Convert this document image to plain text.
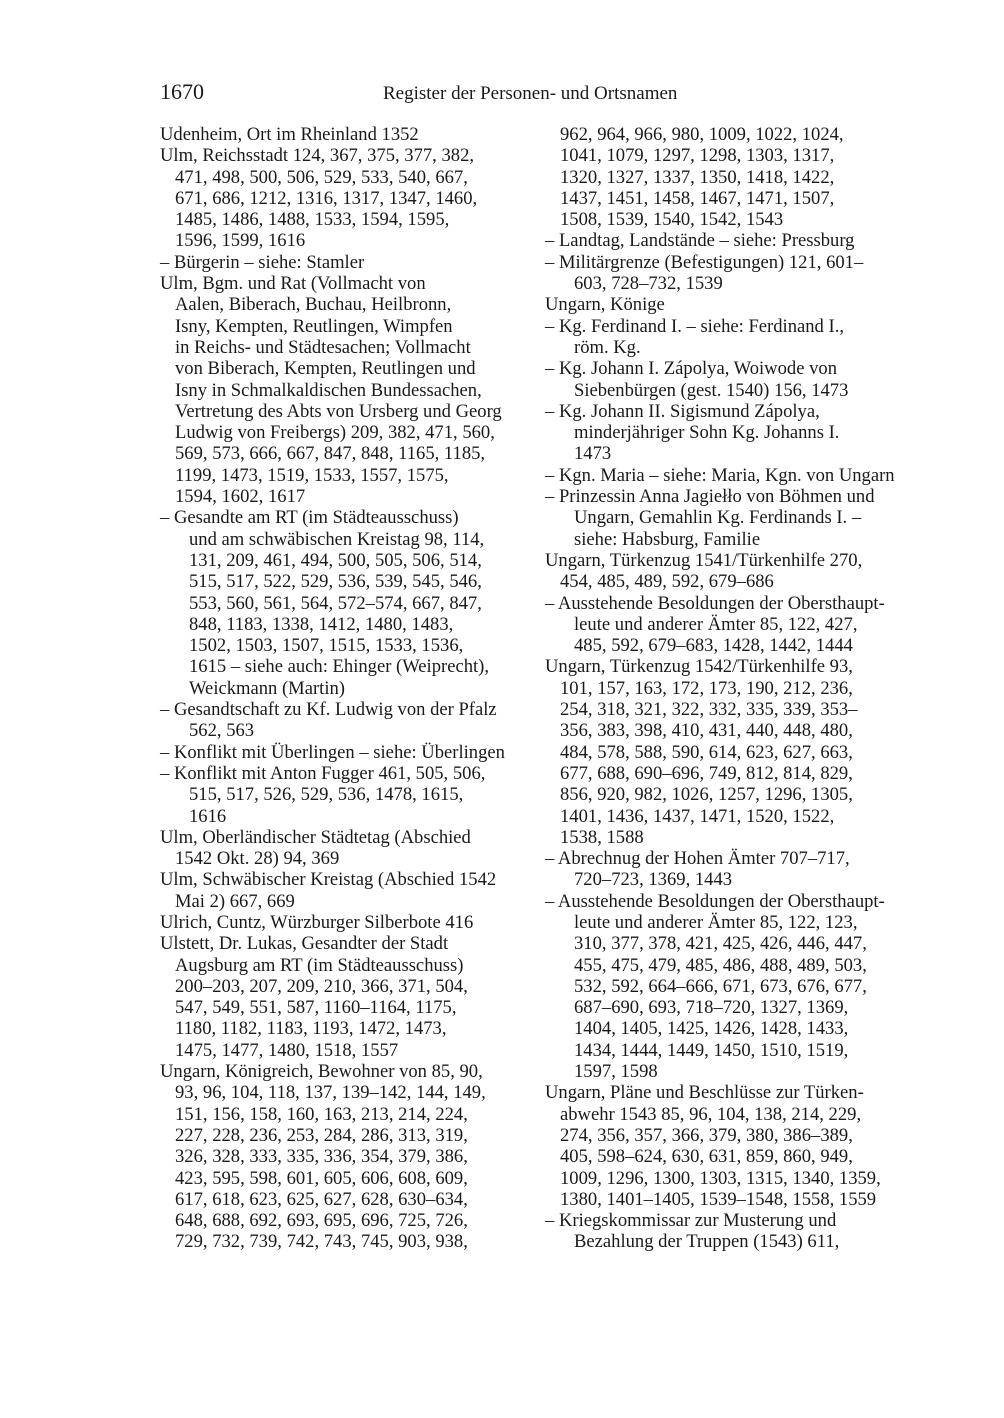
1670	Register der Personen- und Ortsnamen
Udenheim, Ort im Rheinland 1352
Ulm, Reichsstadt 124, 367, 375, 377, 382,
471, 498, 500, 506, 529, 533, 540, 667,
671, 686, 1212, 1316, 1317, 1347, 1460,
1485, 1486, 1488, 1533, 1594, 1595,
1596, 1599, 1616
– Bürgerin – siehe: Stamler
Ulm, Bgm. und Rat (Vollmacht von
Aalen, Biberach, Buchau, Heilbronn,
Isny, Kempten, Reutlingen, Wimpfen
in Reichs- und Städtesachen; Vollmacht
von Biberach, Kempten, Reutlingen und
Isny in Schmalkaldischen Bundessachen,
Vertretung des Abts von Ursberg und Georg
Ludwig von Freibergs) 209, 382, 471, 560,
569, 573, 666, 667, 847, 848, 1165, 1185,
1199, 1473, 1519, 1533, 1557, 1575,
1594, 1602, 1617
– Gesandte am RT (im Städteausschuss)
und am schwäbischen Kreistag 98, 114,
131, 209, 461, 494, 500, 505, 506, 514,
515, 517, 522, 529, 536, 539, 545, 546,
553, 560, 561, 564, 572–574, 667, 847,
848, 1183, 1338, 1412, 1480, 1483,
1502, 1503, 1507, 1515, 1533, 1536,
1615 – siehe auch: Ehinger (Weiprecht),
Weickmann (Martin)
– Gesandtschaft zu Kf. Ludwig von der Pfalz
562, 563
– Konflikt mit Überlingen – siehe: Überlingen
– Konflikt mit Anton Fugger 461, 505, 506,
515, 517, 526, 529, 536, 1478, 1615,
1616
Ulm, Oberländischer Städtetag (Abschied
1542 Okt. 28) 94, 369
Ulm, Schwäbischer Kreistag (Abschied 1542
Mai 2) 667, 669
Ulrich, Cuntz, Würzburger Silberbote 416
Ulstett, Dr. Lukas, Gesandter der Stadt
Augsburg am RT (im Städteausschuss)
200–203, 207, 209, 210, 366, 371, 504,
547, 549, 551, 587, 1160–1164, 1175,
1180, 1182, 1183, 1193, 1472, 1473,
1475, 1477, 1480, 1518, 1557
Ungarn, Königreich, Bewohner von 85, 90,
93, 96, 104, 118, 137, 139–142, 144, 149,
151, 156, 158, 160, 163, 213, 214, 224,
227, 228, 236, 253, 284, 286, 313, 319,
326, 328, 333, 335, 336, 354, 379, 386,
423, 595, 598, 601, 605, 606, 608, 609,
617, 618, 623, 625, 627, 628, 630–634,
648, 688, 692, 693, 695, 696, 725, 726,
729, 732, 739, 742, 743, 745, 903, 938,
962, 964, 966, 980, 1009, 1022, 1024,
1041, 1079, 1297, 1298, 1303, 1317,
1320, 1327, 1337, 1350, 1418, 1422,
1437, 1451, 1458, 1467, 1471, 1507,
1508, 1539, 1540, 1542, 1543
– Landtag, Landstände – siehe: Pressburg
– Militärgrenze (Befestigungen) 121, 601–
603, 728–732, 1539
Ungarn, Könige
– Kg. Ferdinand I. – siehe: Ferdinand I.,
röm. Kg.
– Kg. Johann I. Zápolya, Woiwode von
Siebenbürgen (gest. 1540) 156, 1473
– Kg. Johann II. Sigismund Zápolya,
minderjähriger Sohn Kg. Johanns I.
1473
– Kgn. Maria – siehe: Maria, Kgn. von Ungarn
– Prinzessin Anna Jagiełło von Böhmen und
Ungarn, Gemahlin Kg. Ferdinands I. –
siehe: Habsburg, Familie
Ungarn, Türkenzug 1541/Türkenhilfe 270,
454, 485, 489, 592, 679–686
– Ausstehende Besoldungen der Obersthaupt-
leute und anderer Ämter 85, 122, 427,
485, 592, 679–683, 1428, 1442, 1444
Ungarn, Türkenzug 1542/Türkenhilfe 93,
101, 157, 163, 172, 173, 190, 212, 236,
254, 318, 321, 322, 332, 335, 339, 353–
356, 383, 398, 410, 431, 440, 448, 480,
484, 578, 588, 590, 614, 623, 627, 663,
677, 688, 690–696, 749, 812, 814, 829,
856, 920, 982, 1026, 1257, 1296, 1305,
1401, 1436, 1437, 1471, 1520, 1522,
1538, 1588
– Abrechnug der Hohen Ämter 707–717,
720–723, 1369, 1443
– Ausstehende Besoldungen der Obersthaupt-
leute und anderer Ämter 85, 122, 123,
310, 377, 378, 421, 425, 426, 446, 447,
455, 475, 479, 485, 486, 488, 489, 503,
532, 592, 664–666, 671, 673, 676, 677,
687–690, 693, 718–720, 1327, 1369,
1404, 1405, 1425, 1426, 1428, 1433,
1434, 1444, 1449, 1450, 1510, 1519,
1597, 1598
Ungarn, Pläne und Beschlüsse zur Türken-
abwehr 1543 85, 96, 104, 138, 214, 229,
274, 356, 357, 366, 379, 380, 386–389,
405, 598–624, 630, 631, 859, 860, 949,
1009, 1296, 1300, 1303, 1315, 1340, 1359,
1380, 1401–1405, 1539–1548, 1558, 1559
– Kriegskommissar zur Musterung und
Bezahlung der Truppen (1543) 611,
